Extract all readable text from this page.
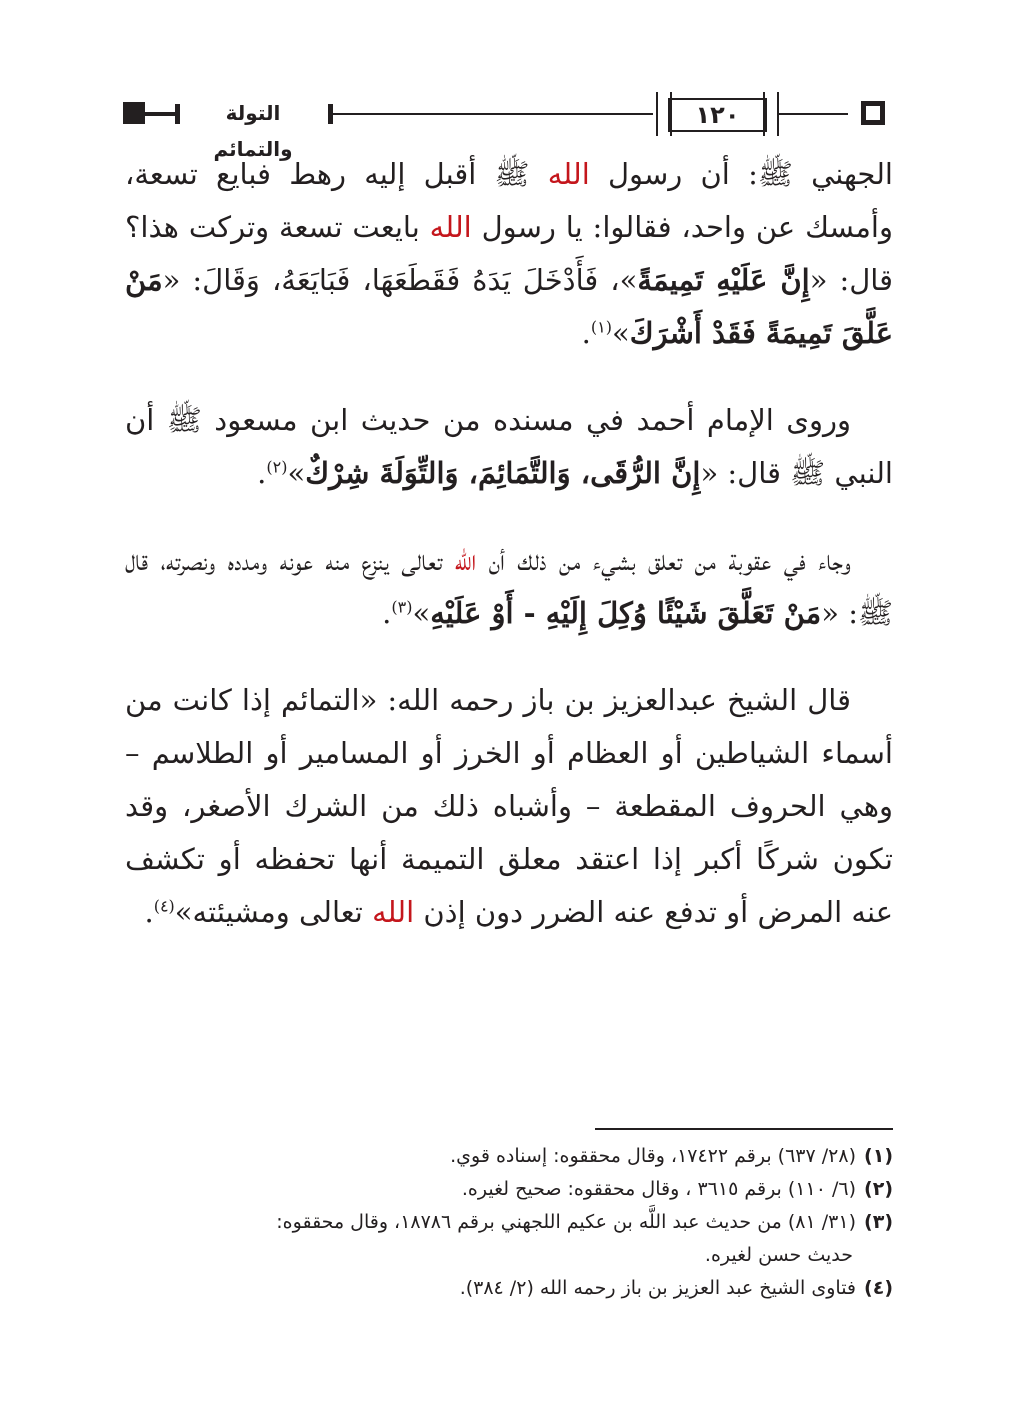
التولة والتمائم
١٢٠

الجهني ﷺ: أن رسول الله ﷺ أقبل إليه رهط فبايع تسعة، وأمسك عن واحد، فقالوا: يا رسول الله بايعت تسعة وتركت هذا؟ قال: «إِنَّ عَلَيْهِ تَمِيمَةً»، فَأَدْخَلَ يَدَهُ فَقَطَعَهَا، فَبَايَعَهُ، وَقَالَ: «مَنْ عَلَّقَ تَمِيمَةً فَقَدْ أَشْرَكَ»$^{(١)}$.

وروى الإمام أحمد في مسنده من حديث ابن مسعود ﷺ أن النبي ﷺ قال: «إِنَّ الرُّقَى، وَالتَّمَائِمَ، وَالتِّوَلَةَ شِرْكٌ»$^{(٢)}$.

وجاء في عقوبة من تعلق بشيء من ذلك أن الله تعالى ينزع منه عونه ومدده ونصرته، قال ﷺ: «مَنْ تَعَلَّقَ شَيْئًا وُكِلَ إِلَيْهِ - أَوْ عَلَيْهِ»$^{(٣)}$.

قال الشيخ عبدالعزيز بن باز رحمه الله: «التمائم إذا كانت من أسماء الشياطين أو العظام أو الخرز أو المسامير أو الطلاسم – وهي الحروف المقطعة – وأشباه ذلك من الشرك الأصغر، وقد تكون شركًا أكبر إذا اعتقد معلق التميمة أنها تحفظه أو تكشف عنه المرض أو تدفع عنه الضرر دون إذن الله تعالى ومشيئته»$^{(٤)}$.

(١)(٢٨/ ٦٣٧) برقم ١٧٤٢٢، وقال محققوه: إسناده قوي.

(٢)(٦/ ١١٠) برقم ٣٦١٥ ، وقال محققوه: صحيح لغيره.

(٣)(٣١/ ٨١) من حديث عبد اللَّه بن عكيم اللجهني برقم ١٨٧٨٦، وقال محققوه:

حديث حسن لغيره.

(٤)فتاوى الشيخ عبد العزيز بن باز رحمه الله (٢/ ٣٨٤).
